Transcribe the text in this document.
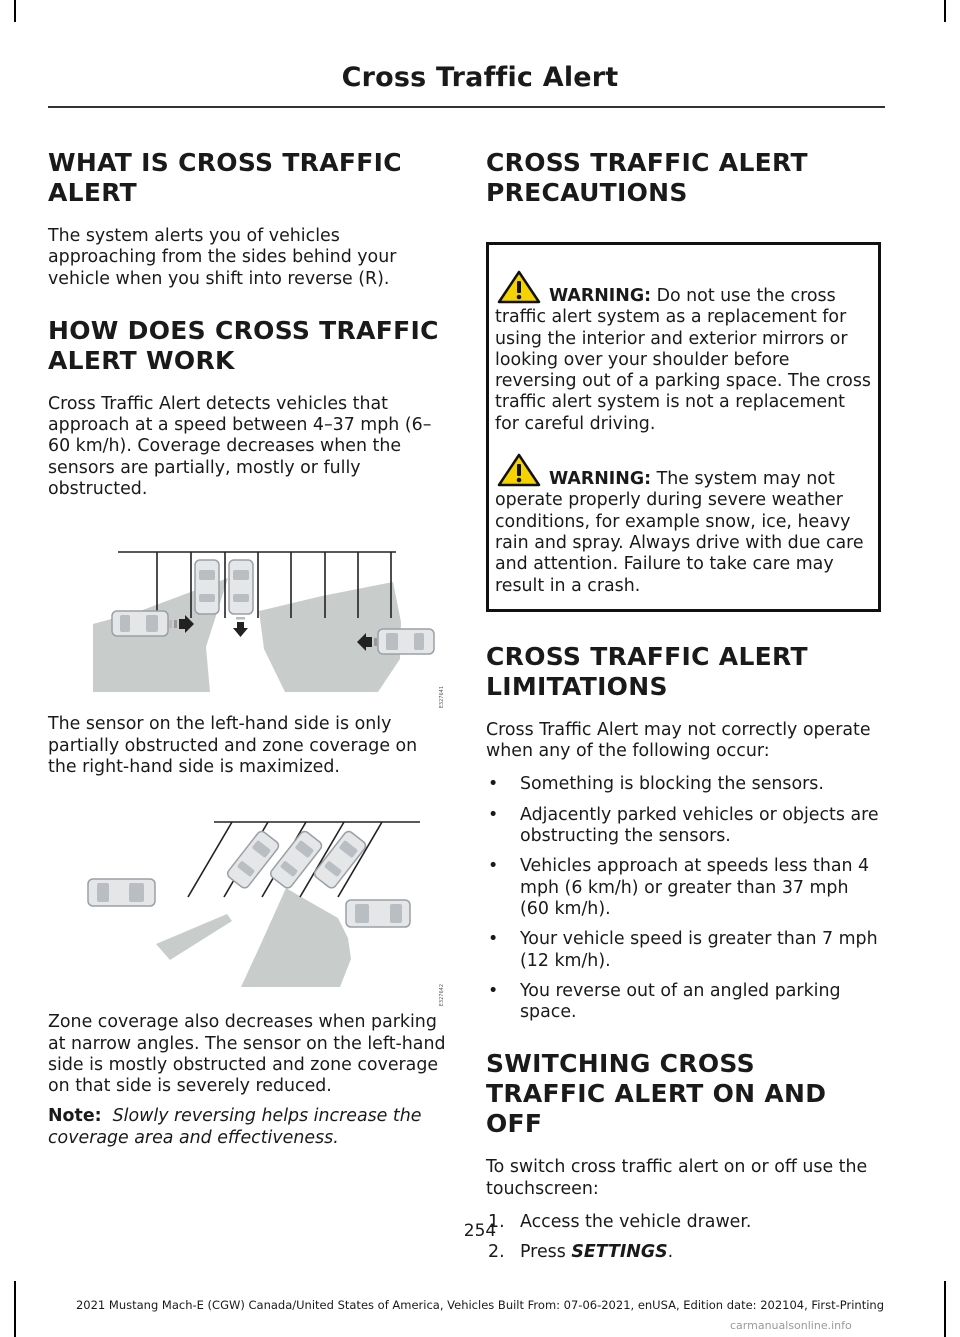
Cross Traffic Alert
WHAT IS CROSS TRAFFIC ALERT

The system alerts you of vehicles approaching from the sides behind your vehicle when you shift into reverse (R).

HOW DOES CROSS TRAFFIC ALERT WORK

Cross Traffic Alert detects vehicles that approach at a speed between 4–37 mph (6–60 km/h). Coverage decreases when the sensors are partially, mostly or fully obstructed.

E327641

The sensor on the left-hand side is only partially obstructed and zone coverage on the right-hand side is maximized.

E327642

Zone coverage also decreases when parking at narrow angles. The sensor on the left-hand side is mostly obstructed and zone coverage on that side is severely reduced.

Note: Slowly reversing helps increase the coverage area and effectiveness.

CROSS TRAFFIC ALERT PRECAUTIONS

WARNING: Do not use the cross traffic alert system as a replacement for using the interior and exterior mirrors or looking over your shoulder before reversing out of a parking space. The cross traffic alert system is not a replacement for careful driving.

WARNING: The system may not operate properly during severe weather conditions, for example snow, ice, heavy rain and spray. Always drive with due care and attention. Failure to take care may result in a crash.

CROSS TRAFFIC ALERT LIMITATIONS

Cross Traffic Alert may not correctly operate when any of the following occur:

• Something is blocking the sensors.
• Adjacently parked vehicles or objects are obstructing the sensors.
• Vehicles approach at speeds less than 4 mph (6 km/h) or greater than 37 mph (60 km/h).
• Your vehicle speed is greater than 7 mph (12 km/h).
• You reverse out of an angled parking space.
SWITCHING CROSS TRAFFIC ALERT ON AND OFF

To switch cross traffic alert on or off use the touchscreen:

1. Access the vehicle drawer.
2. Press SETTINGS.
254
2021 Mustang Mach-E (CGW) Canada/United States of America, Vehicles Built From: 07-06-2021, enUSA, Edition date: 202104, First-Printing
carmanualsonline.info
